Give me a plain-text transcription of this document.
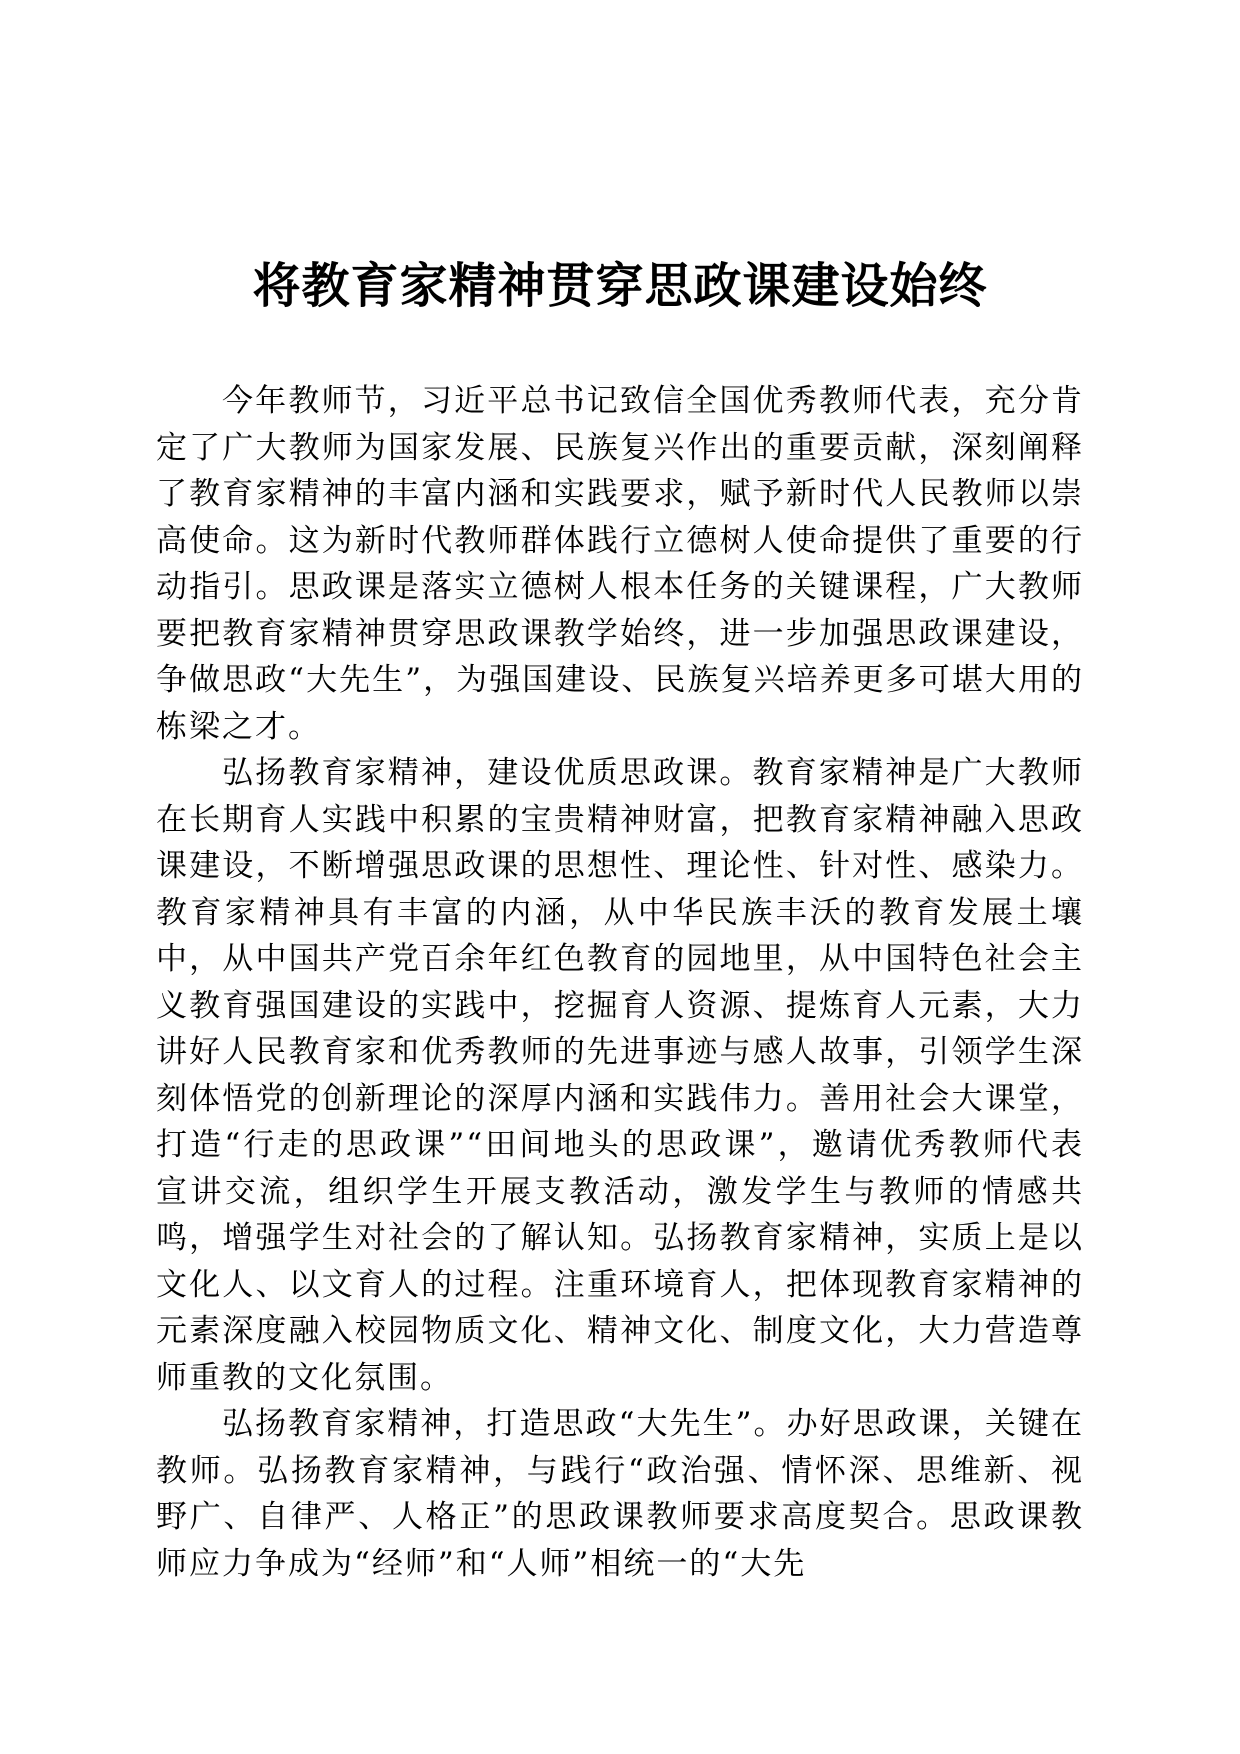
将教育家精神贯穿思政课建设始终

今年教师节，习近平总书记致信全国优秀教师代表，充分肯定了广大教师为国家发展、民族复兴作出的重要贡献，深刻阐释了教育家精神的丰富内涵和实践要求，赋予新时代人民教师以崇高使命。这为新时代教师群体践行立德树人使命提供了重要的行动指引。思政课是落实立德树人根本任务的关键课程，广大教师要把教育家精神贯穿思政课教学始终，进一步加强思政课建设，争做思政“大先生”，为强国建设、民族复兴培养更多可堪大用的栋梁之才。

弘扬教育家精神，建设优质思政课。教育家精神是广大教师在长期育人实践中积累的宝贵精神财富，把教育家精神融入思政课建设，不断增强思政课的思想性、理论性、针对性、感染力。教育家精神具有丰富的内涵，从中华民族丰沃的教育发展土壤中，从中国共产党百余年红色教育的园地里，从中国特色社会主义教育强国建设的实践中，挖掘育人资源、提炼育人元素，大力讲好人民教育家和优秀教师的先进事迹与感人故事，引领学生深刻体悟党的创新理论的深厚内涵和实践伟力。善用社会大课堂，打造“行走的思政课”“田间地头的思政课”，邀请优秀教师代表宣讲交流，组织学生开展支教活动，激发学生与教师的情感共鸣，增强学生对社会的了解认知。弘扬教育家精神，实质上是以文化人、以文育人的过程。注重环境育人，把体现教育家精神的元素深度融入校园物质文化、精神文化、制度文化，大力营造尊师重教的文化氛围。

弘扬教育家精神，打造思政“大先生”。办好思政课，关键在教师。弘扬教育家精神，与践行“政治强、情怀深、思维新、视野广、自律严、人格正”的思政课教师要求高度契合。思政课教师应力争成为“经师”和“人师”相统一的“大先
